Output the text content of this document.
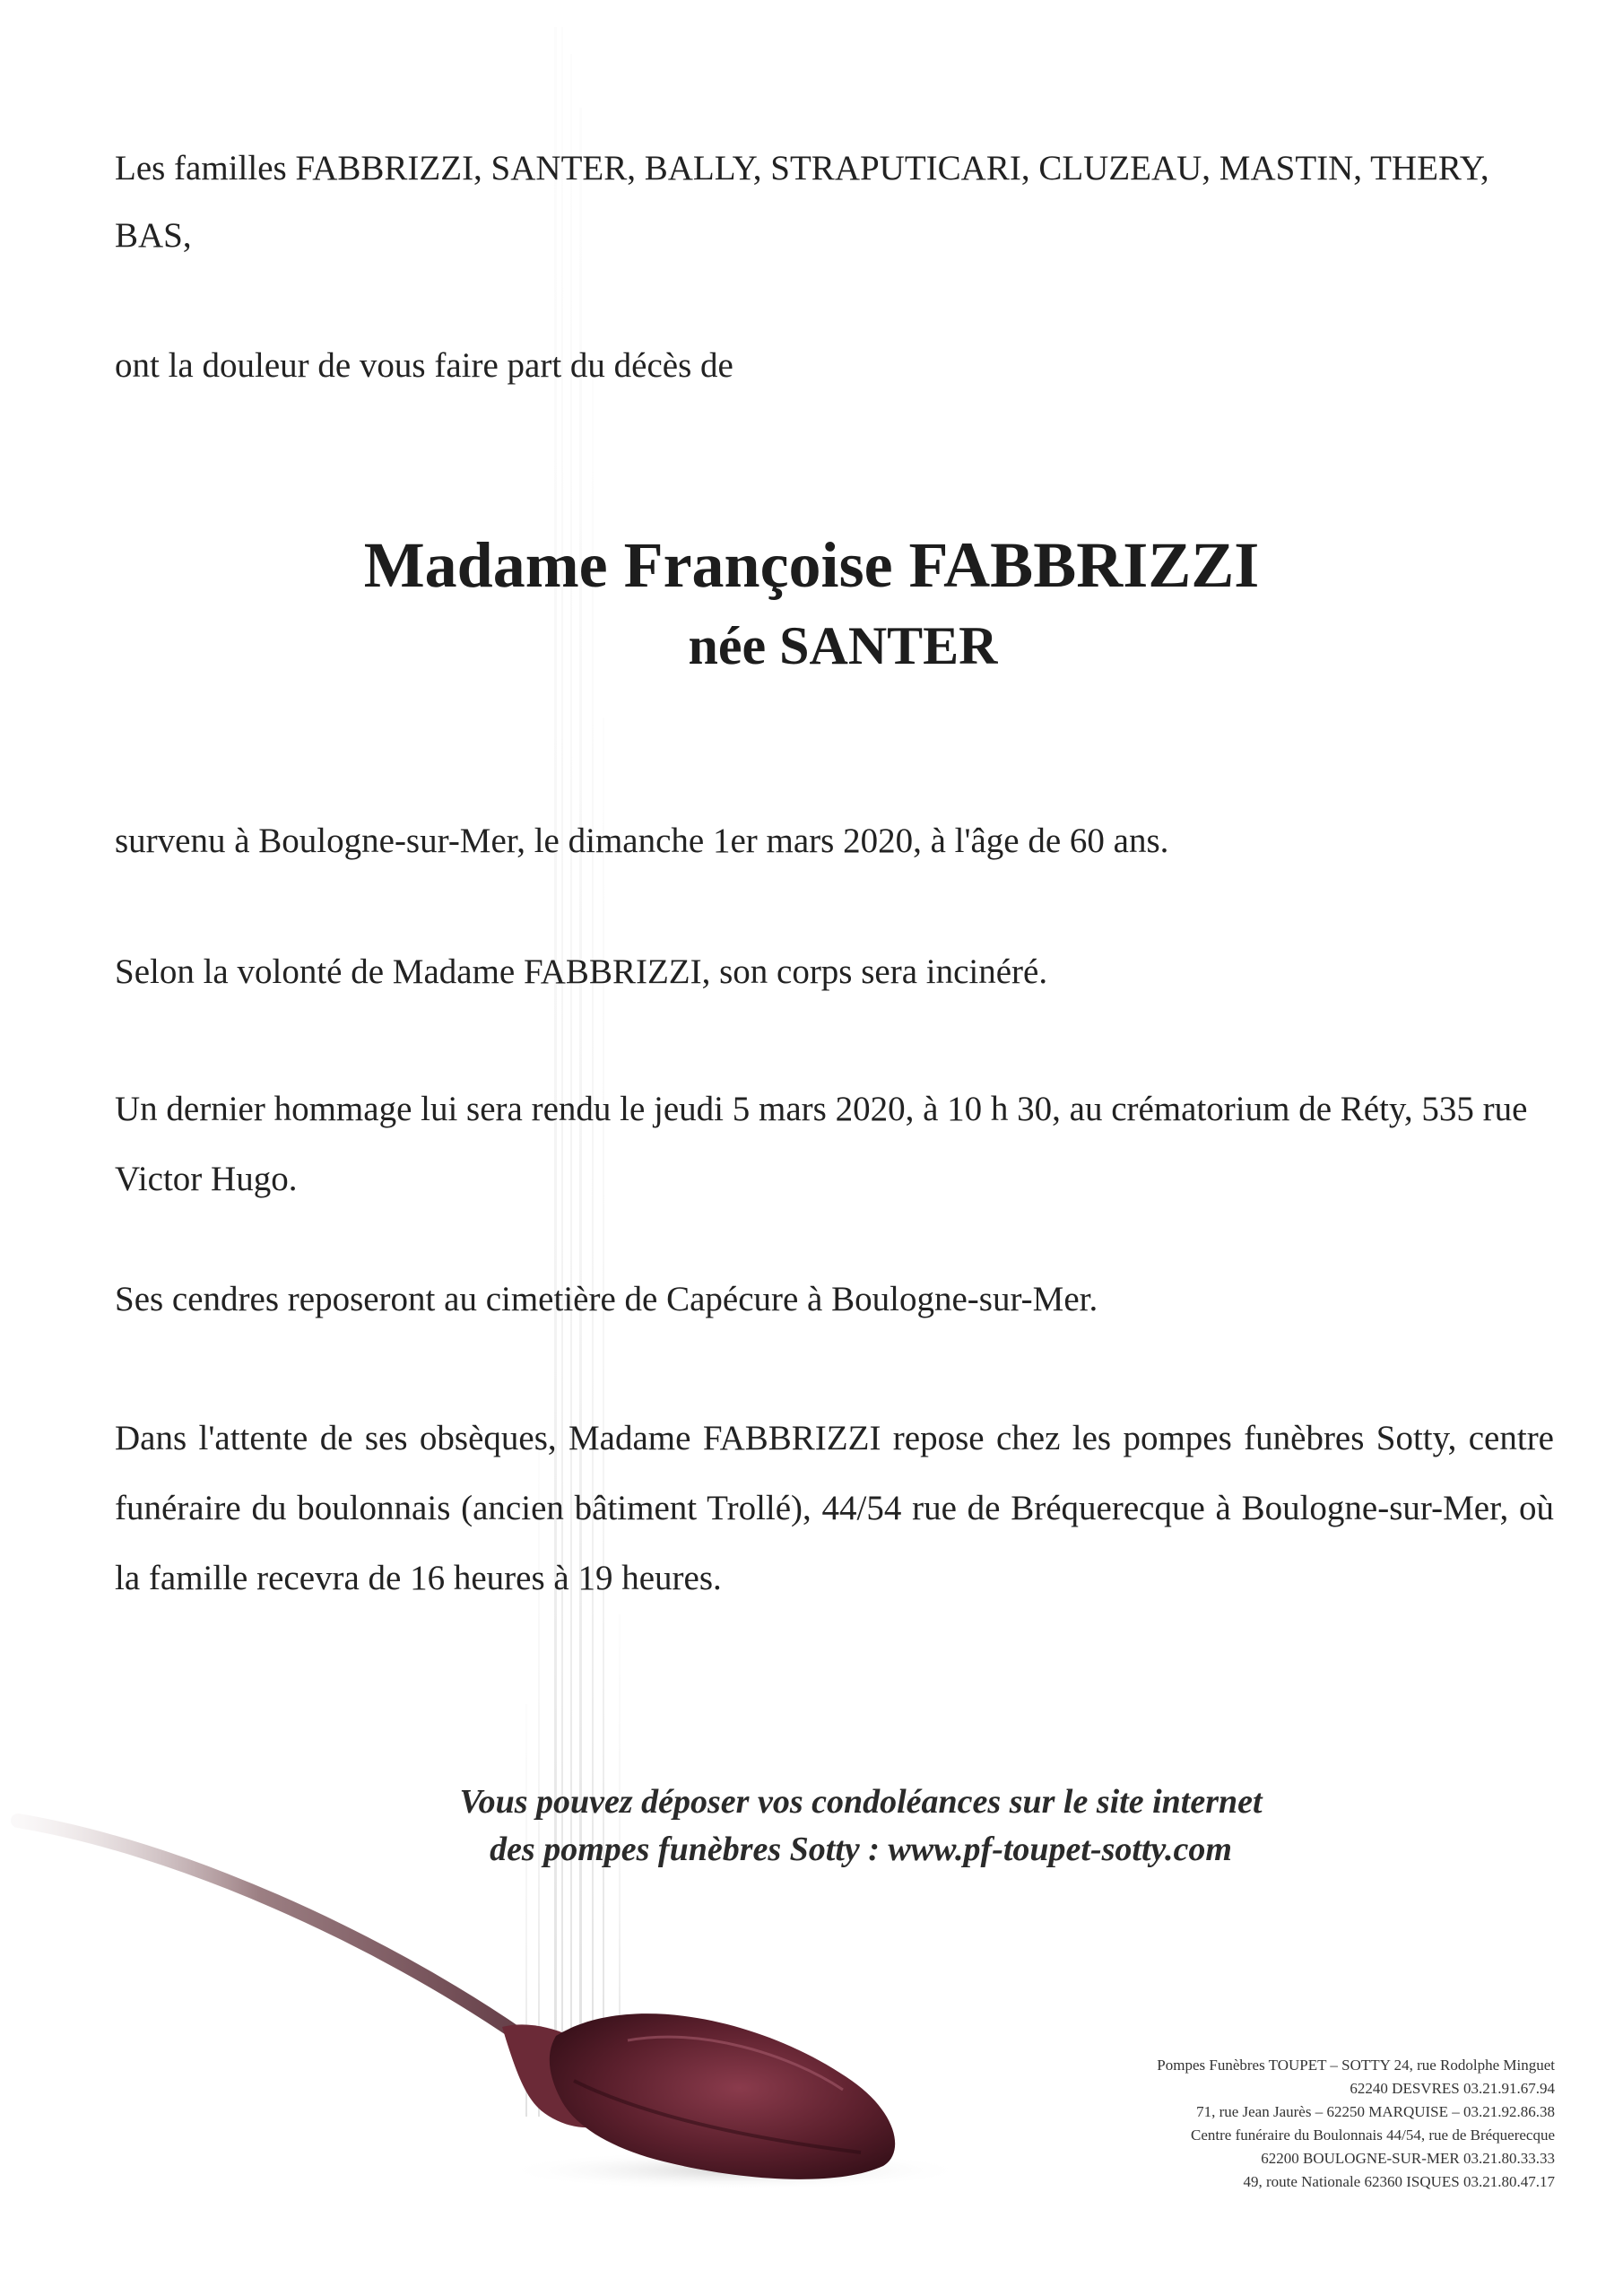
Les familles FABBRIZZI, SANTER, BALLY, STRAPUTICARI, CLUZEAU, MASTIN, THERY, BAS,

ont la douleur de vous faire part du décès de

Madame Françoise FABBRIZZI
née SANTER

survenu à Boulogne-sur-Mer, le dimanche 1er mars 2020, à l'âge de 60 ans.

Selon la volonté de Madame FABBRIZZI, son corps sera incinéré.

Un dernier hommage lui sera rendu le jeudi 5 mars 2020, à 10 h 30, au crématorium de Réty, 535 rue Victor Hugo.

Ses cendres reposeront au cimetière de Capécure à Boulogne-sur-Mer.

Dans l'attente de ses obsèques, Madame FABBRIZZI repose chez les pompes funèbres Sotty, centre funéraire du boulonnais (ancien bâtiment Trollé), 44/54 rue de Bréquerecque à Boulogne-sur-Mer, où la famille recevra de 16 heures à 19 heures.

Vous pouvez déposer vos condoléances sur le site internet
des pompes funèbres Sotty : www.pf-toupet-sotty.com
Pompes Funèbres TOUPET – SOTTY 24, rue Rodolphe Minguet
62240 DESVRES 03.21.91.67.94
71, rue Jean Jaurès – 62250 MARQUISE – 03.21.92.86.38
Centre funéraire du Boulonnais 44/54, rue de Bréquerecque
62200 BOULOGNE-SUR-MER 03.21.80.33.33
49, route Nationale 62360 ISQUES 03.21.80.47.17
